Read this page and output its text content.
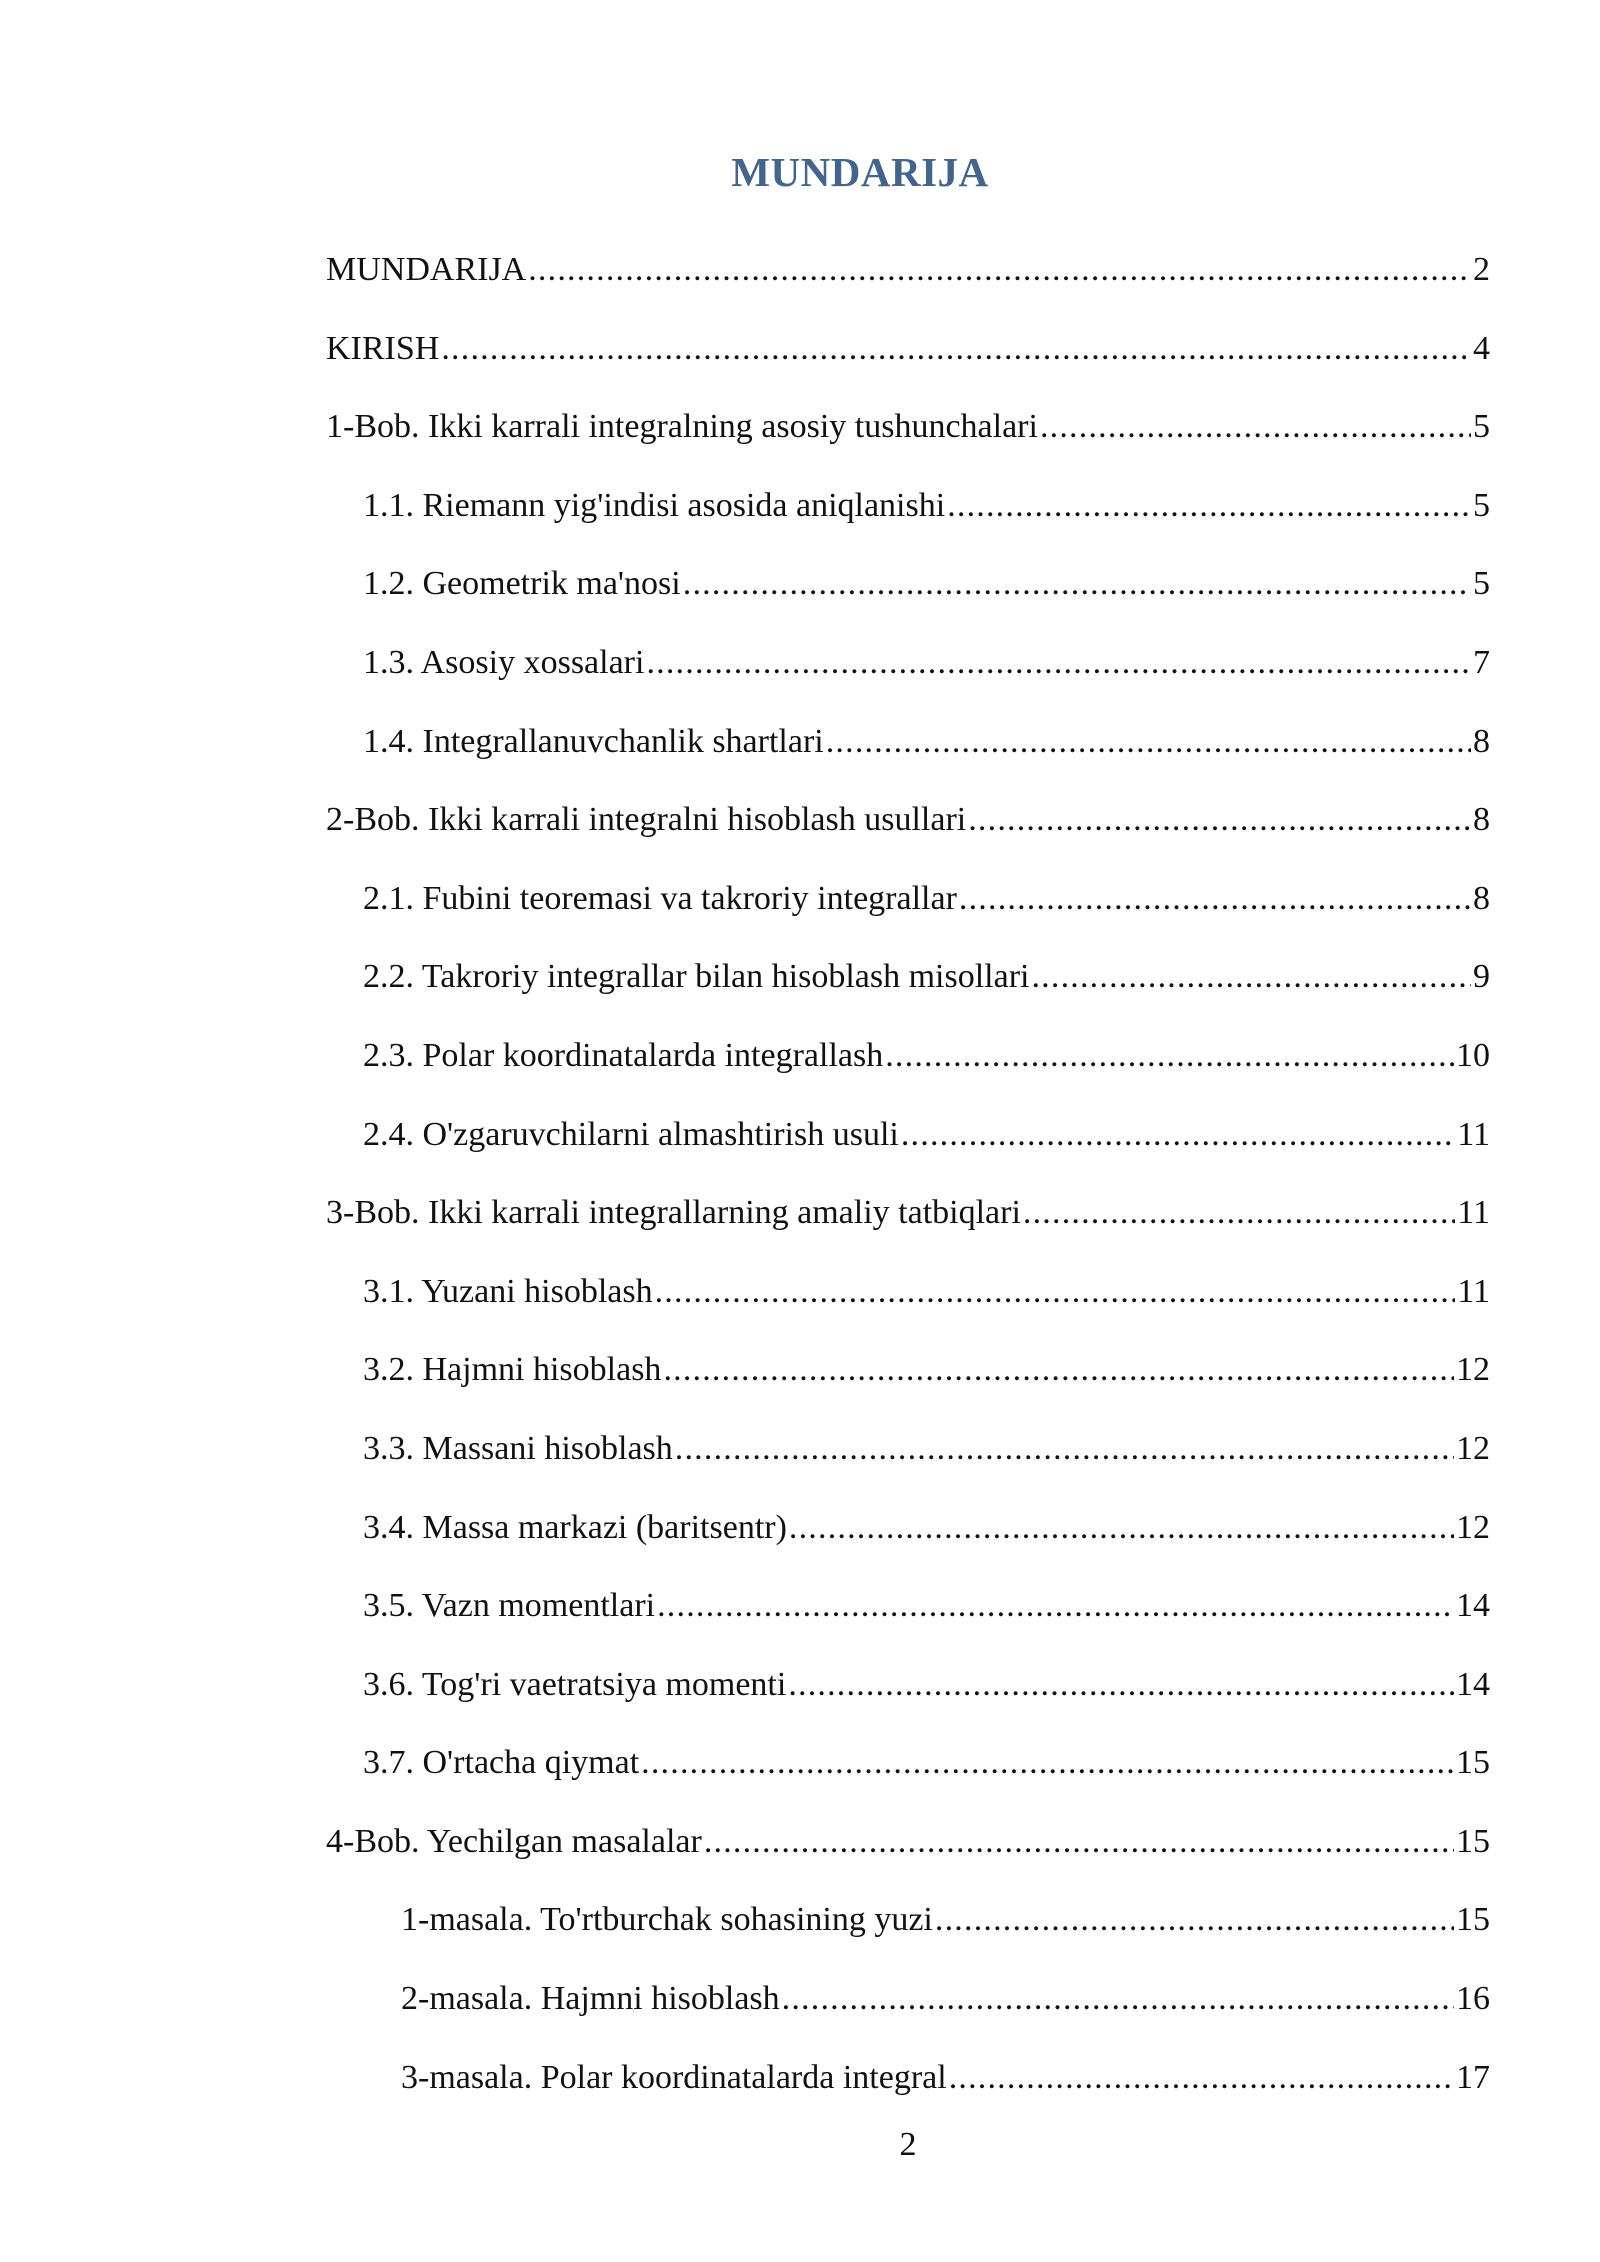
MUNDARIJA
MUNDARIJA .....	2
KIRISH .....	4
1-Bob. Ikki karrali integralning asosiy tushunchalari .....	5
1.1. Riemann yig'indisi asosida aniqlanishi .....	5
1.2. Geometrik ma'nosi .....	5
1.3. Asosiy xossalari .....	7
1.4. Integrallanuvchanlik shartlari .....	8
2-Bob. Ikki karrali integralni hisoblash usullari .....	8
2.1. Fubini teoremasi va takroriy integrallar .....	8
2.2. Takroriy integrallar bilan hisoblash misollari .....	9
2.3. Polar koordinatalarda integrallash .....	10
2.4. O'zgaruvchilarni almashtirish usuli .....	11
3-Bob. Ikki karrali integrallarning amaliy tatbiqlari .....	11
3.1. Yuzani hisoblash .....	11
3.2. Hajmni hisoblash .....	12
3.3. Massani hisoblash .....	12
3.4. Massa markazi (baritsentr) .....	12
3.5. Vazn momentlari .....	14
3.6. Tog'ri vaetratsiya momenti .....	14
3.7. O'rtacha qiymat .....	15
4-Bob. Yechilgan masalalar .....	15
1-masala. To'rtburchak sohasining yuzi .....	15
2-masala. Hajmni hisoblash .....	16
3-masala. Polar koordinatalarda integral .....	17
2
